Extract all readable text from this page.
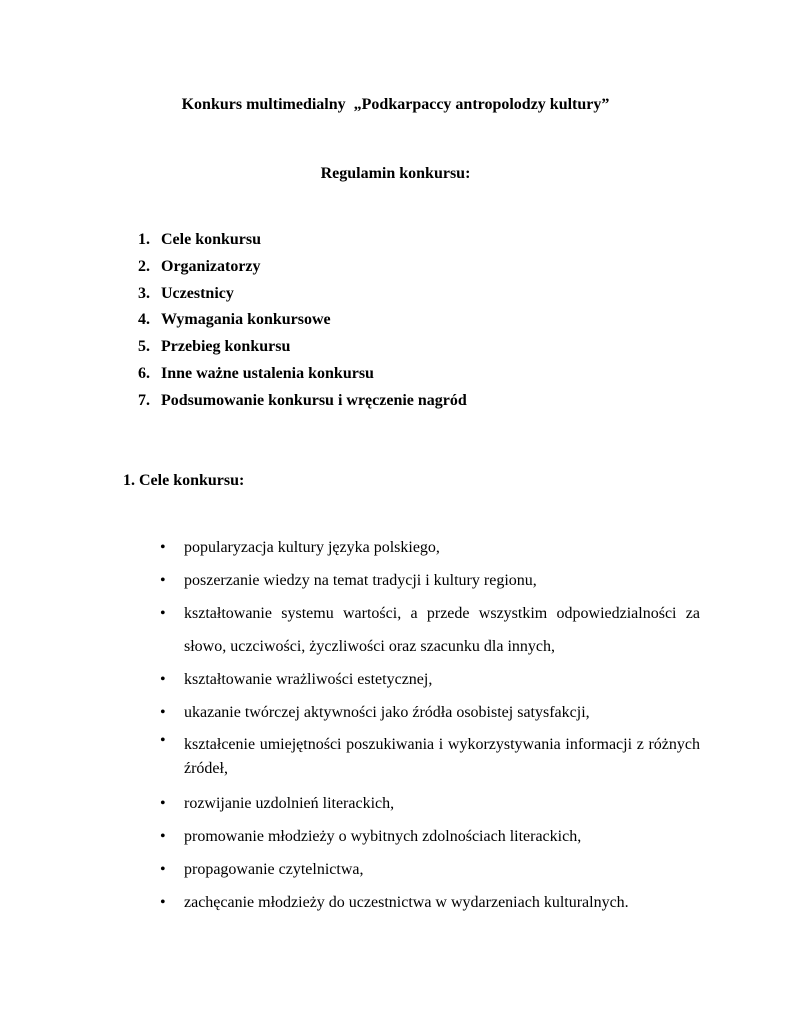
Konkurs multimedialny  „Podkarpaccy antropolodzy kultury”
Regulamin konkursu:
1. Cele konkursu
2. Organizatorzy
3. Uczestnicy
4. Wymagania konkursowe
5. Przebieg konkursu
6. Inne ważne ustalenia konkursu
7. Podsumowanie konkursu i wręczenie nagród
1. Cele konkursu:
• popularyzacja kultury języka polskiego,
• poszerzanie wiedzy na temat tradycji i kultury regionu,
• kształtowanie systemu wartości, a przede wszystkim odpowiedzialności za słowo, uczciwości, życzliwości oraz szacunku dla innych,
• kształtowanie wrażliwości estetycznej,
• ukazanie twórczej aktywności jako źródła osobistej satysfakcji,
• kształcenie umiejętności poszukiwania i wykorzystywania informacji z różnych źródeł,
• rozwijanie uzdolnień literackich,
• promowanie młodzieży o wybitnych zdolnościach literackich,
• propagowanie czytelnictwa,
• zachęcanie młodzieży do uczestnictwa w wydarzeniach kulturalnych.
